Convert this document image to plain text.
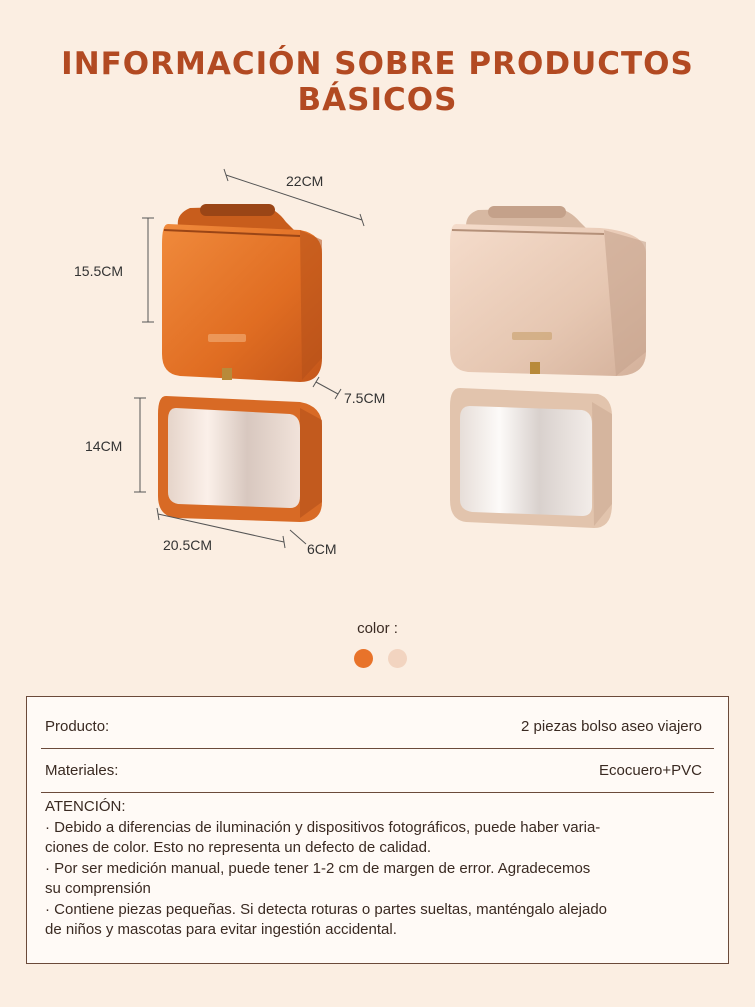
INFORMACIÓN SOBRE PRODUCTOS BÁSICOS
22CM
15.5CM
7.5CM
14CM
20.5CM	6CM
color :
Producto:	2 piezas bolso aseo viajero
Materiales:	Ecocuero+PVC
ATENCIÓN:
· Debido a diferencias de iluminación y dispositivos fotográficos, puede haber varia-
ciones de color. Esto no representa un defecto de calidad.
· Por ser medición manual, puede tener 1-2 cm de margen de error. Agradecemos
su comprensión
· Contiene piezas pequeñas. Si detecta roturas o partes sueltas, manténgalo alejado
de niños y mascotas para evitar ingestión accidental.
